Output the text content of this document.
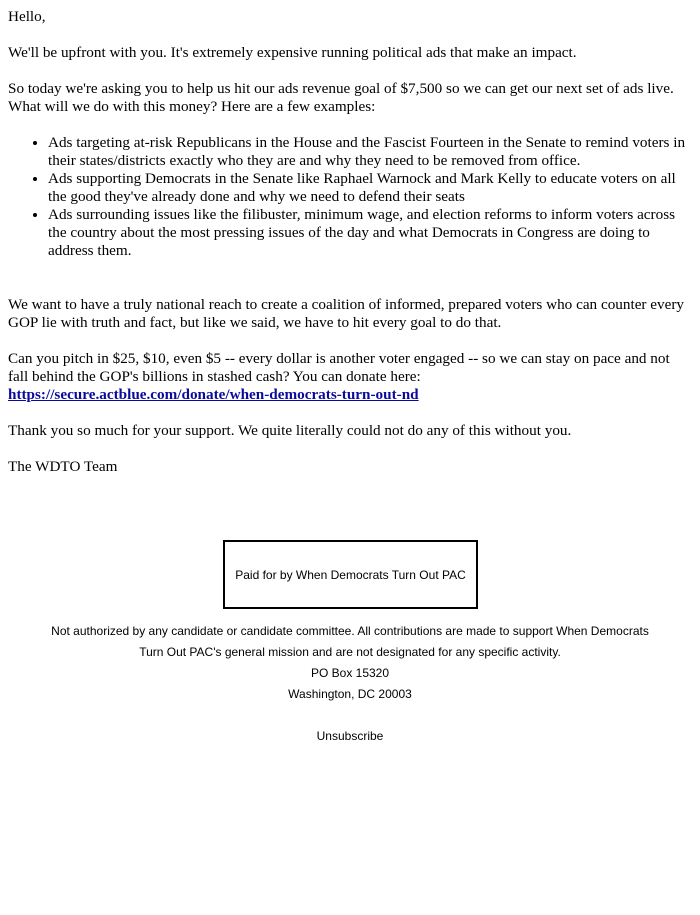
Hello,

We'll be upfront with you. It's extremely expensive running political ads that make an impact.

So today we're asking you to help us hit our ads revenue goal of $7,500 so we can get our next set of ads live. What will we do with this money? Here are a few examples:

• Ads targeting at-risk Republicans in the House and the Fascist Fourteen in the Senate to remind voters in their states/districts exactly who they are and why they need to be removed from office.
• Ads supporting Democrats in the Senate like Raphael Warnock and Mark Kelly to educate voters on all the good they've already done and why we need to defend their seats
• Ads surrounding issues like the filibuster, minimum wage, and election reforms to inform voters across the country about the most pressing issues of the day and what Democrats in Congress are doing to address them.

We want to have a truly national reach to create a coalition of informed, prepared voters who can counter every GOP lie with truth and fact, but like we said, we have to hit every goal to do that.

Can you pitch in $25, $10, even $5 -- every dollar is another voter engaged -- so we can stay on pace and not fall behind the GOP's billions in stashed cash? You can donate here:
https://secure.actblue.com/donate/when-democrats-turn-out-nd

Thank you so much for your support. We quite literally could not do any of this without you.

The WDTO Team

Paid for by When Democrats Turn Out PAC
Not authorized by any candidate or candidate committee. All contributions are made to support When Democrats Turn Out PAC's general mission and are not designated for any specific activity.
PO Box 15320
Washington, DC 20003
Unsubscribe
